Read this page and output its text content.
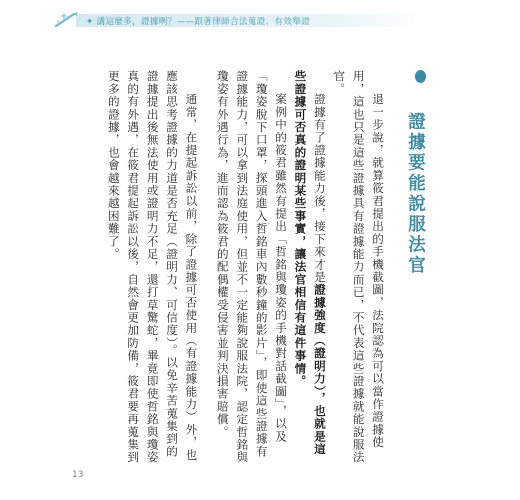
✦ 講這麼多，證據咧？——跟著律師合法蒐證、有效舉證
證據要能說服法官

退一步說，就算筱君提出的手機截圖，法院認為可以當作證據使用，這也只是這些證據具有證據能力而已，不代表這些證據就能說服法官。

證據有了證據能力後，接下來才是證據強度（證明力），也就是這些證據可否真的證明某些事實，讓法官相信有這件事情。

案例中的筱君雖然有提出「哲銘與瓊姿的手機對話截圖」，以及「瓊姿脫下口罩，探頭進入哲銘車內數秒鐘的影片」，即使這些證據有證據能力，可以拿到法庭使用，但並不一定能夠說服法院，認定哲銘與瓊姿有外遇行為，進而認為筱君的配偶權受侵害並判決損害賠償。

通常，在提起訴訟以前，除了證據可否使用（有證據能力）外，也應該思考證據的力道是否充足（證明力、可信度）。以免辛苦蒐集到的證據提出後無法使用或證明力不足，還打草驚蛇，畢竟即使哲銘與瓊姿真的有外遇，在筱君提起訴訟以後，自然會更加防備，筱君要再蒐集到更多的證據，也會越來越困難了。

13
